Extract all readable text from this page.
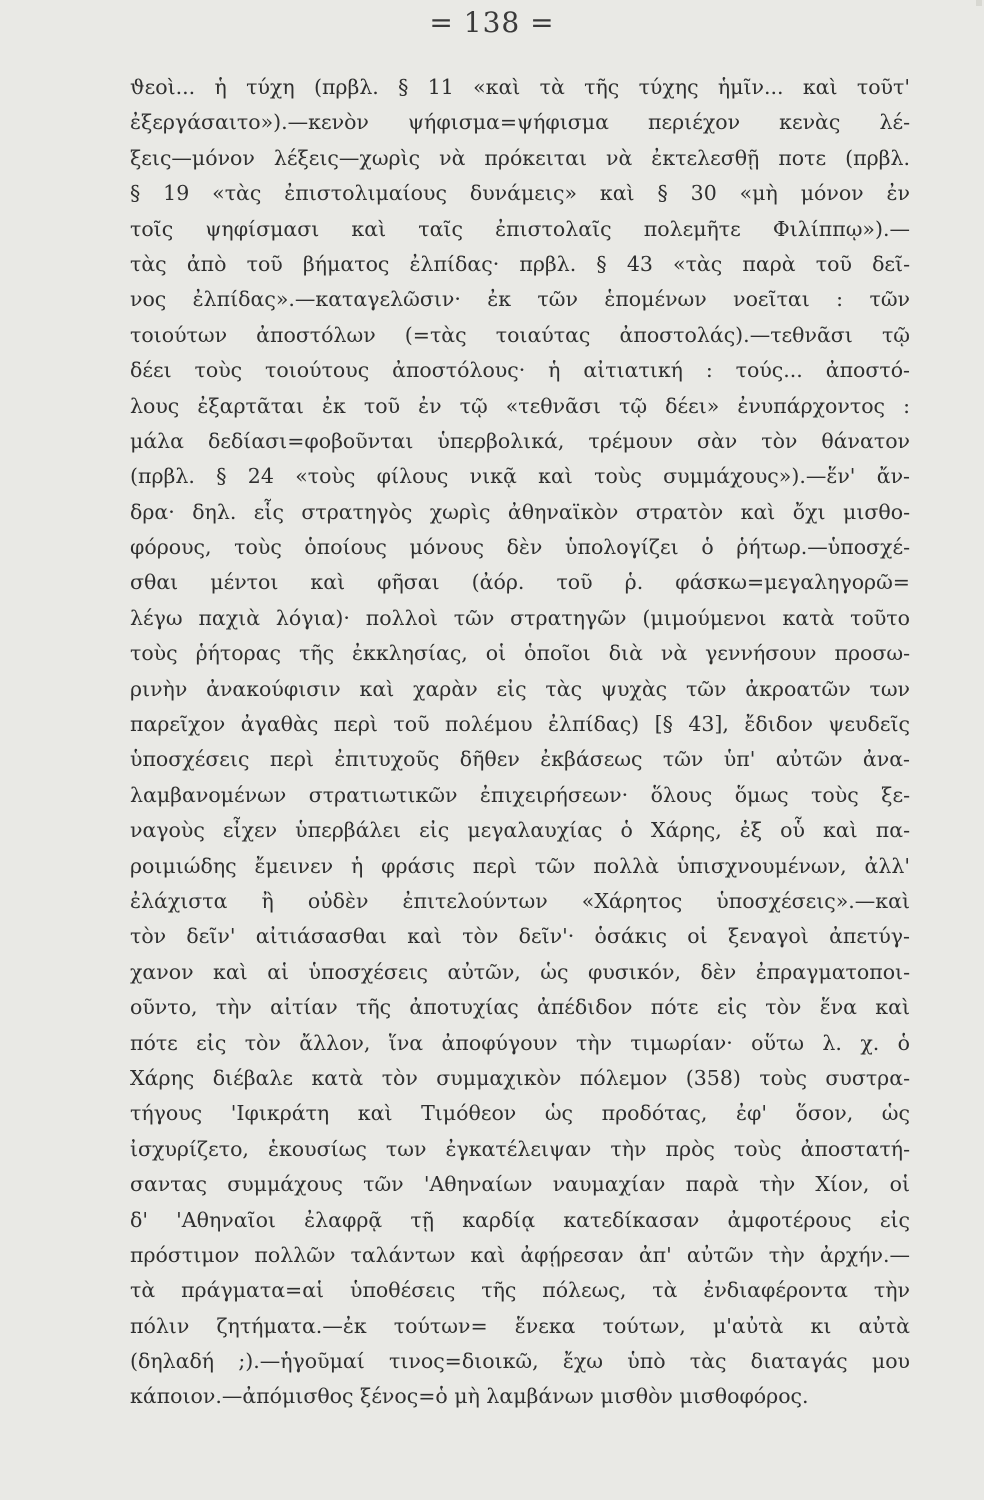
= 138 =
ϑεοὶ... ἡ τύχη (πρβλ. § 11 «καὶ τὰ τῆς τύχης ἡμῖν... καὶ τοῦτ'
ἐξεργάσαιτο»).—κενὸν ψήφισμα=ψήφισμα περιέχον κενὰς λέ-
ξεις—μόνον λέξεις—χωρὶς νὰ πρόκειται νὰ ἐκτελεσθῇ ποτε (πρβλ.
§ 19 «τὰς ἐπιστολιμαίους δυνάμεις» καὶ § 30 «μὴ μόνον ἐν
τοῖς ψηφίσμασι καὶ ταῖς ἐπιστολαῖς πολεμῆτε Φιλίππῳ»).—
τὰς ἀπὸ τοῦ βήματος ἐλπίδας· πρβλ. § 43 «τὰς παρὰ τοῦ δεῖ-
νος ἐλπίδας».—καταγελῶσιν· ἐκ τῶν ἑπομένων νοεῖται : τῶν
τοιούτων ἀποστόλων (=τὰς τοιαύτας ἀποστολάς).—τεθνᾶσι τῷ
δέει τοὺς τοιούτους ἀποστόλους· ἡ αἰτιατική : τούς... ἀποστό-
λους ἐξαρτᾶται ἐκ τοῦ ἐν τῷ «τεθνᾶσι τῷ δέει» ἐνυπάρχοντος :
μάλα δεδίασι=φοβοῦνται ὑπερβολικά, τρέμουν σὰν τὸν θάνατον
(πρβλ. § 24 «τοὺς φίλους νικᾷ καὶ τοὺς συμμάχους»).—ἕν' ἄν-
δρα· δηλ. εἷς στρατηγὸς χωρὶς ἀθηναϊκὸν στρατὸν καὶ ὄχι μισθο-
φόρους, τοὺς ὁποίους μόνους δὲν ὑπολογίζει ὁ ῥήτωρ.—ὑποσχέ-
σθαι μέντοι καὶ φῆσαι (ἀόρ. τοῦ ῥ. φάσκω=μεγαληγορῶ=
λέγω παχιὰ λόγια)· πολλοὶ τῶν στρατηγῶν (μιμούμενοι κατὰ τοῦτο
τοὺς ῥήτορας τῆς ἐκκλησίας, οἱ ὁποῖοι διὰ νὰ γεννήσουν προσω-
ρινὴν ἀνακούφισιν καὶ χαρὰν εἰς τὰς ψυχὰς τῶν ἀκροατῶν των
παρεῖχον ἀγαθὰς περὶ τοῦ πολέμου ἐλπίδας) [§ 43], ἔδιδον ψευδεῖς
ὑποσχέσεις περὶ ἐπιτυχοῦς δῆθεν ἐκβάσεως τῶν ὑπ' αὐτῶν ἀνα-
λαμβανομένων στρατιωτικῶν ἐπιχειρήσεων· ὅλους ὅμως τοὺς ξε-
ναγοὺς εἶχεν ὑπερβάλει εἰς μεγαλαυχίας ὁ Χάρης, ἐξ οὗ καὶ πα-
ροιμιώδης ἔμεινεν ἡ φράσις περὶ τῶν πολλὰ ὑπισχνουμένων, ἀλλ'
ἐλάχιστα ἢ οὐδὲν ἐπιτελούντων «Χάρητος ὑποσχέσεις».—καὶ
τὸν δεῖν' αἰτιάσασθαι καὶ τὸν δεῖν'· ὁσάκις οἱ ξεναγοὶ ἀπετύγ-
χανον καὶ αἱ ὑποσχέσεις αὐτῶν, ὡς φυσικόν, δὲν ἐπραγματοποι-
οῦντο, τὴν αἰτίαν τῆς ἀποτυχίας ἀπέδιδον πότε εἰς τὸν ἕνα καὶ
πότε εἰς τὸν ἄλλον, ἵνα ἀποφύγουν τὴν τιμωρίαν· οὕτω λ. χ. ὁ
Χάρης διέβαλε κατὰ τὸν συμμαχικὸν πόλεμον (358) τοὺς συστρα-
τήγους 'Ιφικράτη καὶ Τιμόθεον ὡς προδότας, ἐφ' ὅσον, ὡς
ἰσχυρίζετο, ἑκουσίως των ἐγκατέλειψαν τὴν πρὸς τοὺς ἀποστατή-
σαντας συμμάχους τῶν 'Αθηναίων ναυμαχίαν παρὰ τὴν Χίον, οἱ
δ' 'Αθηναῖοι ἐλαφρᾷ τῇ καρδίᾳ κατεδίκασαν ἀμφοτέρους εἰς
πρόστιμον πολλῶν ταλάντων καὶ ἀφῄρεσαν ἀπ' αὐτῶν τὴν ἀρχήν.—
τὰ πράγματα=αἱ ὑποθέσεις τῆς πόλεως, τὰ ἐνδιαφέροντα τὴν
πόλιν ζητήματα.—ἐκ τούτων= ἕνεκα τούτων, μ'αὐτὰ κι αὐτὰ
(δηλαδή ;).—ἡγοῦμαί τινος=διοικῶ, ἔχω ὑπὸ τὰς διαταγάς μου
κάποιον.—ἀπόμισθος ξένος=ὁ μὴ λαμβάνων μισθὸν μισθοφόρος.
